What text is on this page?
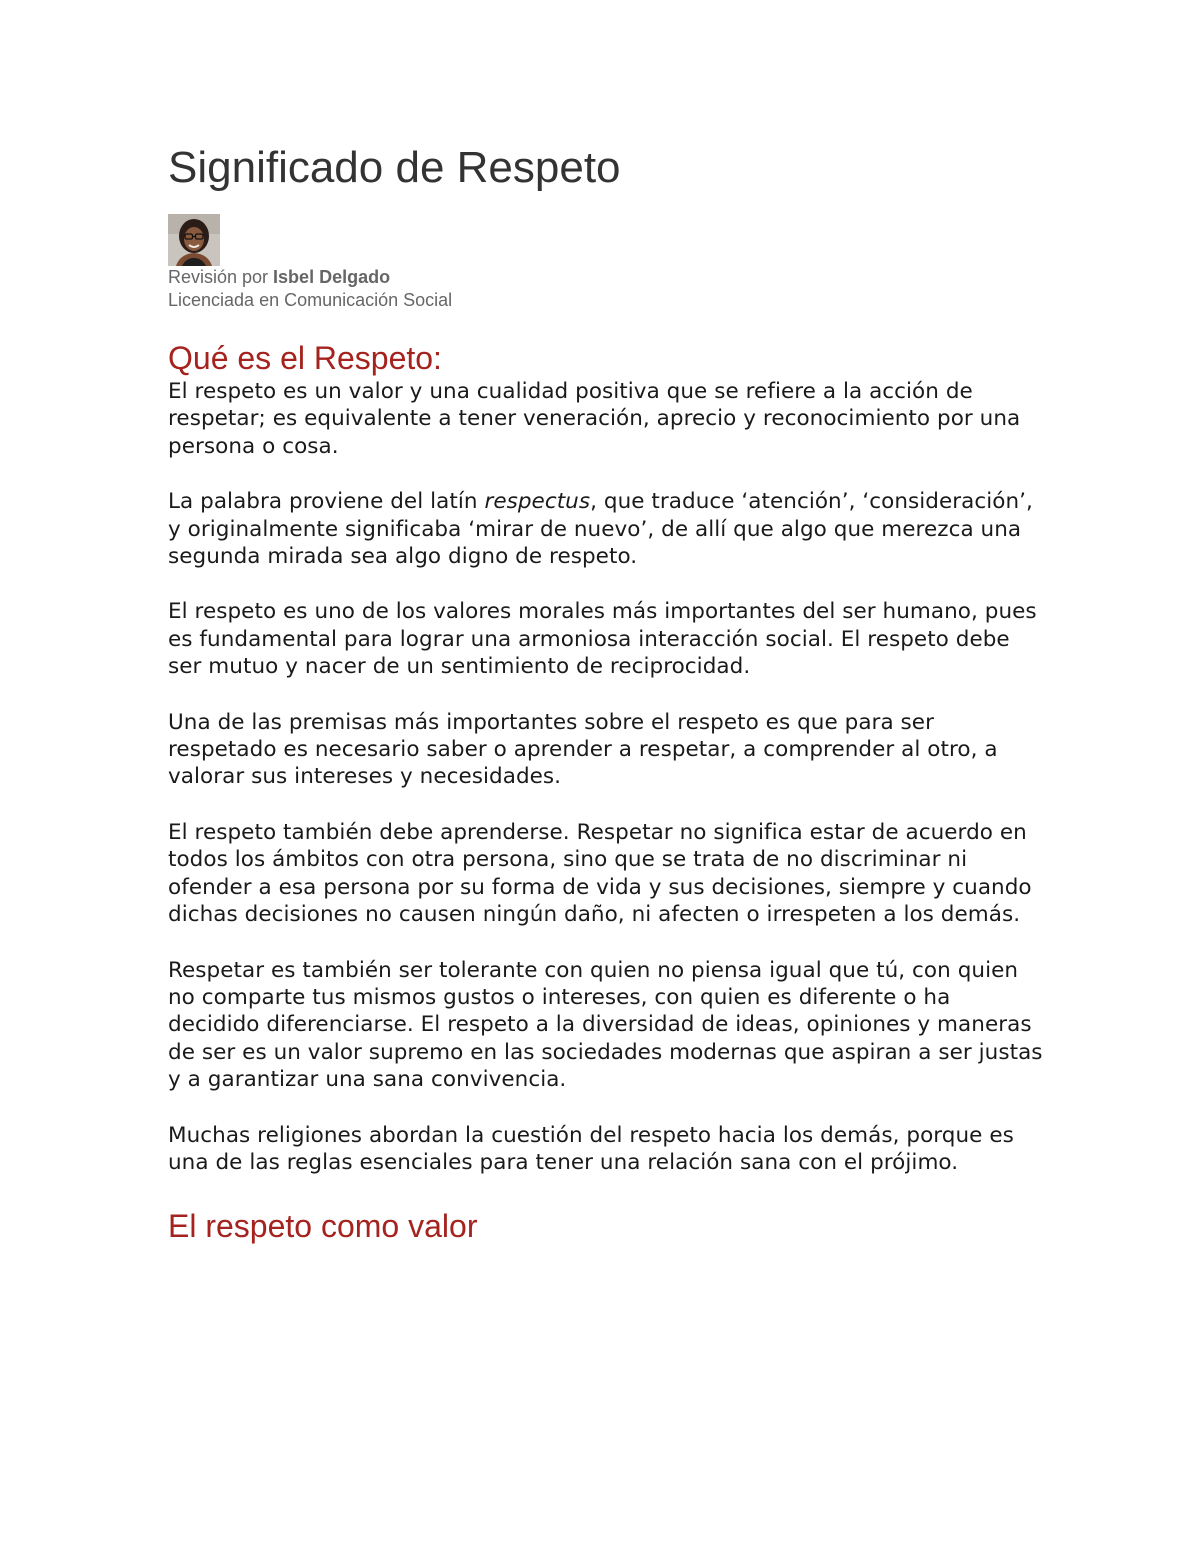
Significado de Respeto
Revisión por Isbel Delgado
Licenciada en Comunicación Social
Qué es el Respeto:

El respeto es un valor y una cualidad positiva que se refiere a la acción de respetar; es equivalente a tener veneración, aprecio y reconocimiento por una persona o cosa.

La palabra proviene del latín respectus, que traduce ‘atención’, ‘consideración’, y originalmente significaba ‘mirar de nuevo’, de allí que algo que merezca una segunda mirada sea algo digno de respeto.

El respeto es uno de los valores morales más importantes del ser humano, pues es fundamental para lograr una armoniosa interacción social. El respeto debe ser mutuo y nacer de un sentimiento de reciprocidad.

Una de las premisas más importantes sobre el respeto es que para ser respetado es necesario saber o aprender a respetar, a comprender al otro, a valorar sus intereses y necesidades.

El respeto también debe aprenderse. Respetar no significa estar de acuerdo en todos los ámbitos con otra persona, sino que se trata de no discriminar ni ofender a esa persona por su forma de vida y sus decisiones, siempre y cuando dichas decisiones no causen ningún daño, ni afecten o irrespeten a los demás.

Respetar es también ser tolerante con quien no piensa igual que tú, con quien no comparte tus mismos gustos o intereses, con quien es diferente o ha decidido diferenciarse. El respeto a la diversidad de ideas, opiniones y maneras de ser es un valor supremo en las sociedades modernas que aspiran a ser justas y a garantizar una sana convivencia.

Muchas religiones abordan la cuestión del respeto hacia los demás, porque es una de las reglas esenciales para tener una relación sana con el prójimo.

El respeto como valor
